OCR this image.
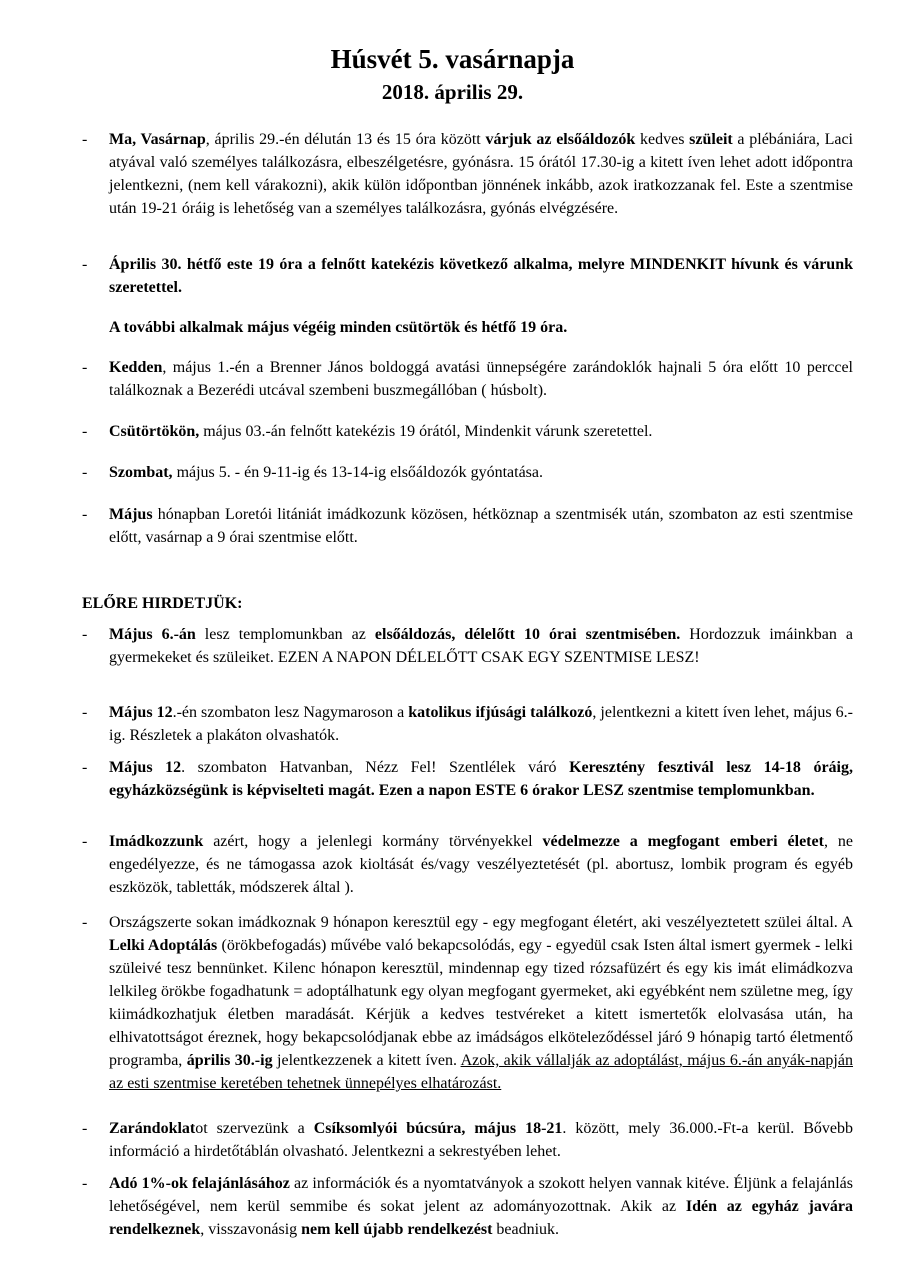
Húsvét 5. vasárnapja
2018. április 29.
- Ma, Vasárnap, április 29.-én délután 13 és 15 óra között várjuk az elsőáldozók kedves szüleit a plébániára, Laci atyával való személyes találkozásra, elbeszélgetésre, gyónásra. 15 órától 17.30-ig a kitett íven lehet adott időpontra jelentkezni, (nem kell várakozni), akik külön időpontban jönnének inkább, azok iratkozzanak fel. Este a szentmise után 19-21 óráig is lehetőség van a személyes találkozásra, gyónás elvégzésére.
- Április 30. hétfő este 19 óra a felnőtt katekézis következő alkalma, melyre MINDENKIT hívunk és várunk szeretettel.
A további alkalmak május végéig minden csütörtök és hétfő 19 óra.
- Kedden, május 1.-én a Brenner János boldoggá avatási ünnepségére zarándoklók hajnali 5 óra előtt 10 perccel találkoznak a Bezerédi utcával szembeni buszmegállóban ( húsbolt).
- Csütörtökön, május 03.-án felnőtt katekézis 19 órától, Mindenkit várunk szeretettel.
- Szombat, május 5. - én 9-11-ig és 13-14-ig elsőáldozók gyóntatása.
- Május hónapban Loretói litániát imádkozunk közösen, hétköznap a szentmisék után, szombaton az esti szentmise előtt, vasárnap a 9 órai szentmise előtt.
ELŐRE HIRDETJÜK:
- Május 6.-án lesz templomunkban az elsőáldozás, délelőtt 10 órai szentmisében. Hordozzuk imáinkban a gyermekeket és szüleiket. EZEN A NAPON DÉLELŐTT CSAK EGY SZENTMISE LESZ!
- Május 12.-én szombaton lesz Nagymaroson a katolikus ifjúsági találkozó, jelentkezni a kitett íven lehet, május 6.-ig. Részletek a plakáton olvashatók.
- Május 12. szombaton Hatvanban, Nézz Fel! Szentlélek váró Keresztény fesztivál lesz 14-18 óráig, egyházközségünk is képviselteti magát. Ezen a napon ESTE 6 órakor LESZ szentmise templomunkban.
- Imádkozzunk azért, hogy a jelenlegi kormány törvényekkel védelmezze a megfogant emberi életet, ne engedélyezze, és ne támogassa azok kioltását és/vagy veszélyeztetését (pl. abortusz, lombik program és egyéb eszközök, tabletták, módszerek által ).
- Országszerte sokan imádkoznak 9 hónapon keresztül egy - egy megfogant életért, aki veszélyeztetett szülei által. A Lelki Adoptálás (örökbefogadás) művébe való bekapcsolódás, egy - egyedül csak Isten által ismert gyermek - lelki szüleivé tesz bennünket. Kilenc hónapon keresztül, mindennap egy tized rózsafüzért és egy kis imát elimádkozva lelkileg örökbe fogadhatunk = adoptálhatunk egy olyan megfogant gyermeket, aki egyébként nem születne meg, így kiimádkozhatjuk életben maradását. Kérjük a kedves testvéreket a kitett ismertetők elolvasása után, ha elhivatottságot éreznek, hogy bekapcsolódjanak ebbe az imádságos elköteleződéssel járó 9 hónapig tartó életmentő programba, április 30.-ig jelentkezzenek a kitett íven. Azok, akik vállalják az adoptálást, május 6.-án anyák-napján az esti szentmise keretében tehetnek ünnepélyes elhatározást.
- Zarándoklatot szervezünk a Csíksomlyói búcsúra, május 18-21. között, mely 36.000.-Ft-a kerül. Bővebb információ a hirdetőtáblán olvasható. Jelentkezni a sekrestyében lehet.
- Adó 1%-ok felajánlásához az információk és a nyomtatványok a szokott helyen vannak kitéve. Éljünk a felajánlás lehetőségével, nem kerül semmibe és sokat jelent az adományozottnak. Akik az Idén az egyház javára rendelkeznek, visszavonásig nem kell újabb rendelkezést beadniuk.
